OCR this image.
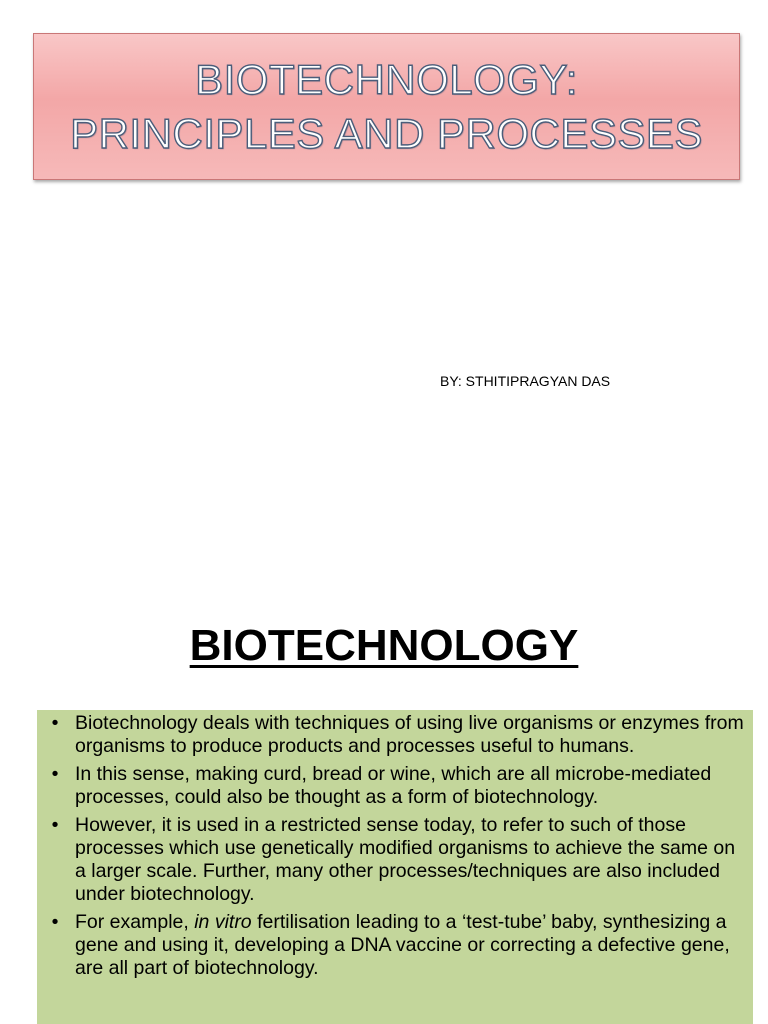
BIOTECHNOLOGY:
PRINCIPLES AND PROCESSES
BY: STHITIPRAGYAN DAS
BIOTECHNOLOGY
• Biotechnology deals with techniques of using live organisms or enzymes from organisms to produce products and processes useful to humans.
• In this sense, making curd, bread or wine, which are all microbe-mediated processes, could also be thought as a form of biotechnology.
• However, it is used in a restricted sense today, to refer to such of those processes which use genetically modified organisms to achieve the same on a larger scale. Further, many other processes/techniques are also included under biotechnology.
• For example, in vitro fertilisation leading to a ‘test-tube’ baby, synthesizing a gene and using it, developing a DNA vaccine or correcting a defective gene, are all part of biotechnology.
